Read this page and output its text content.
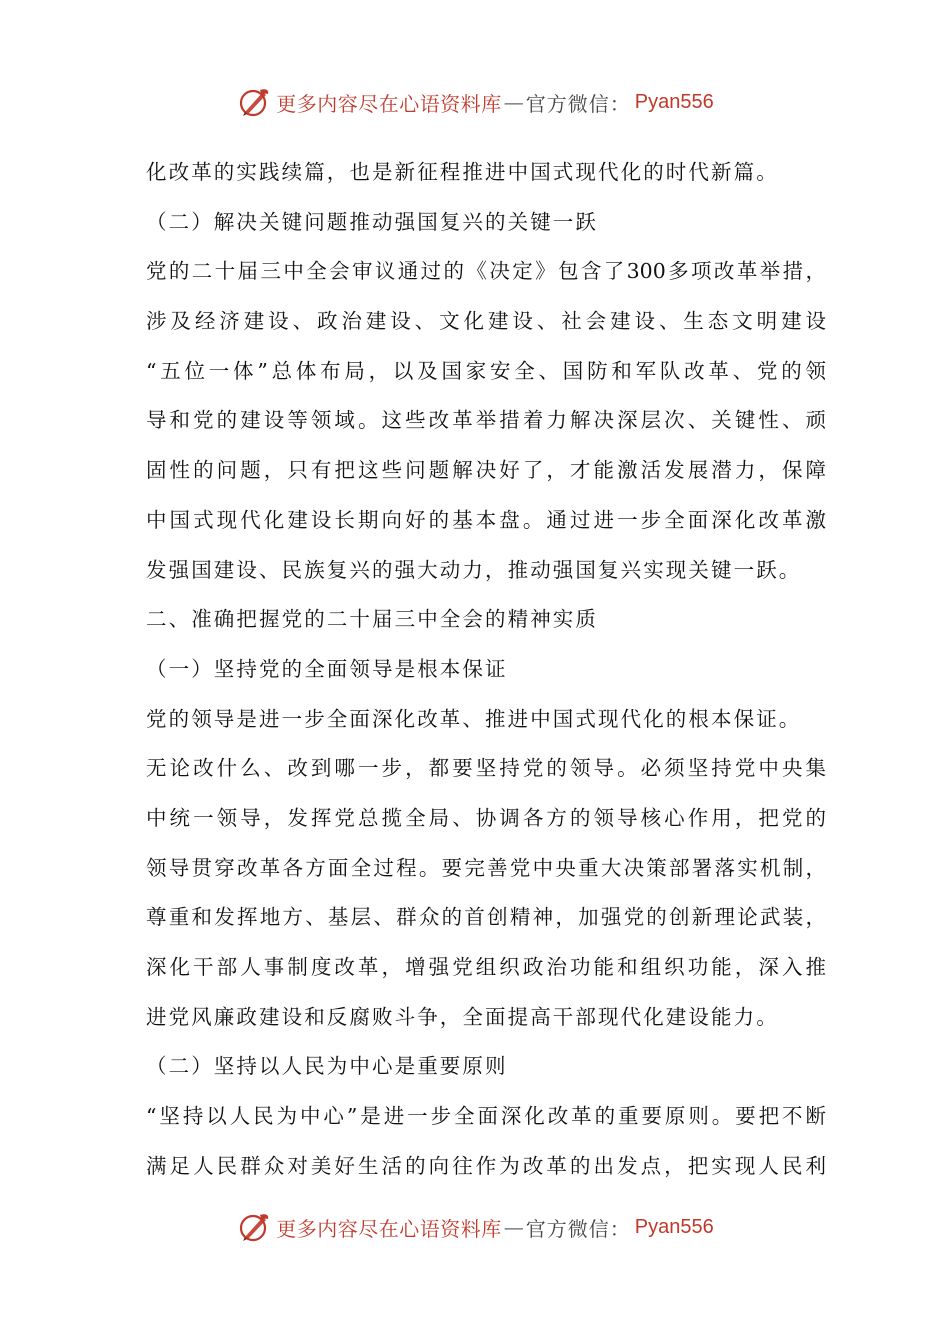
更多内容尽在心语资料库 — 官方微信： Pyan556
化改革的实践续篇，也是新征程推进中国式现代化的时代新篇。
（二）解决关键问题推动强国复兴的关键一跃
党的二十届三中全会审议通过的《决定》包含了300多项改革举措，
涉及经济建设、政治建设、文化建设、社会建设、生态文明建设
“五位一体”总体布局，以及国家安全、国防和军队改革、党的领
导和党的建设等领域。这些改革举措着力解决深层次、关键性、顽
固性的问题，只有把这些问题解决好了，才能激活发展潜力，保障
中国式现代化建设长期向好的基本盘。通过进一步全面深化改革激
发强国建设、民族复兴的强大动力，推动强国复兴实现关键一跃。
二、准确把握党的二十届三中全会的精神实质
（一）坚持党的全面领导是根本保证
党的领导是进一步全面深化改革、推进中国式现代化的根本保证。
无论改什么、改到哪一步，都要坚持党的领导。必须坚持党中央集
中统一领导，发挥党总揽全局、协调各方的领导核心作用，把党的
领导贯穿改革各方面全过程。要完善党中央重大决策部署落实机制，
尊重和发挥地方、基层、群众的首创精神，加强党的创新理论武装，
深化干部人事制度改革，增强党组织政治功能和组织功能，深入推
进党风廉政建设和反腐败斗争，全面提高干部现代化建设能力。
（二）坚持以人民为中心是重要原则
“坚持以人民为中心”是进一步全面深化改革的重要原则。要把不断
满足人民群众对美好生活的向往作为改革的出发点，把实现人民利
更多内容尽在心语资料库 — 官方微信： Pyan556
